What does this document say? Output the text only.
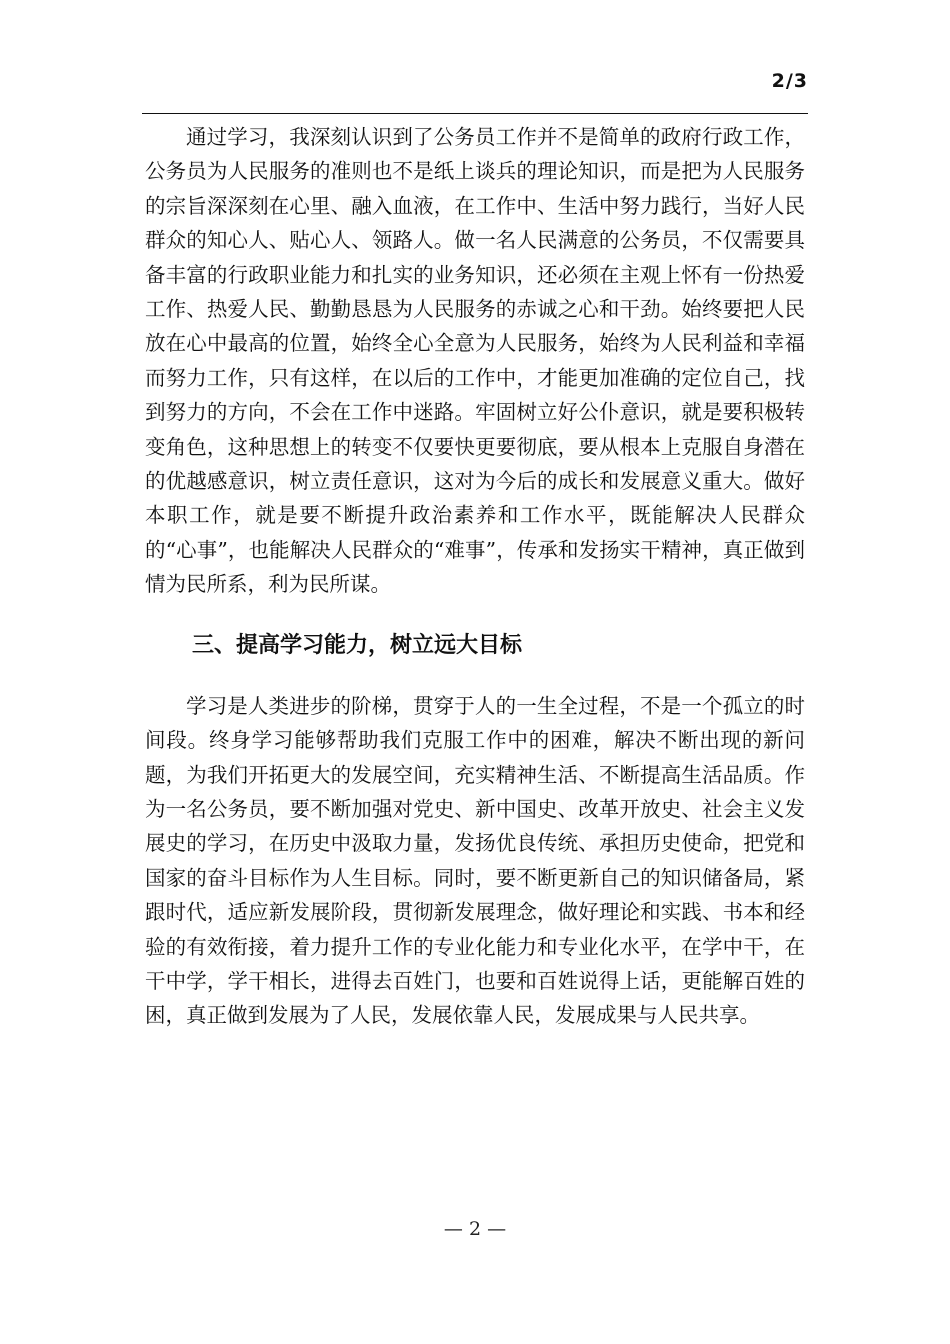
2/3

通过学习，我深刻认识到了公务员工作并不是简单的政府行政工作，公务员为人民服务的准则也不是纸上谈兵的理论知识，而是把为人民服务的宗旨深深刻在心里、融入血液，在工作中、生活中努力践行，当好人民群众的知心人、贴心人、领路人。做一名人民满意的公务员，不仅需要具备丰富的行政职业能力和扎实的业务知识，还必须在主观上怀有一份热爱工作、热爱人民、勤勤恳恳为人民服务的赤诚之心和干劲。始终要把人民放在心中最高的位置，始终全心全意为人民服务，始终为人民利益和幸福而努力工作，只有这样，在以后的工作中，才能更加准确的定位自己，找到努力的方向，不会在工作中迷路。牢固树立好公仆意识，就是要积极转变角色，这种思想上的转变不仅要快更要彻底，要从根本上克服自身潜在的优越感意识，树立责任意识，这对为今后的成长和发展意义重大。做好本职工作，就是要不断提升政治素养和工作水平，既能解决人民群众的“心事”，也能解决人民群众的“难事”，传承和发扬实干精神，真正做到情为民所系，利为民所谋。

三、提高学习能力，树立远大目标

学习是人类进步的阶梯，贯穿于人的一生全过程，不是一个孤立的时间段。终身学习能够帮助我们克服工作中的困难，解决不断出现的新问题，为我们开拓更大的发展空间，充实精神生活、不断提高生活品质。作为一名公务员，要不断加强对党史、新中国史、改革开放史、社会主义发展史的学习，在历史中汲取力量，发扬优良传统、承担历史使命，把党和国家的奋斗目标作为人生目标。同时，要不断更新自己的知识储备局，紧跟时代，适应新发展阶段，贯彻新发展理念，做好理论和实践、书本和经验的有效衔接，着力提升工作的专业化能力和专业化水平，在学中干，在干中学，学干相长，进得去百姓门，也要和百姓说得上话，更能解百姓的困，真正做到发展为了人民，发展依靠人民，发展成果与人民共享。

— 2 —
